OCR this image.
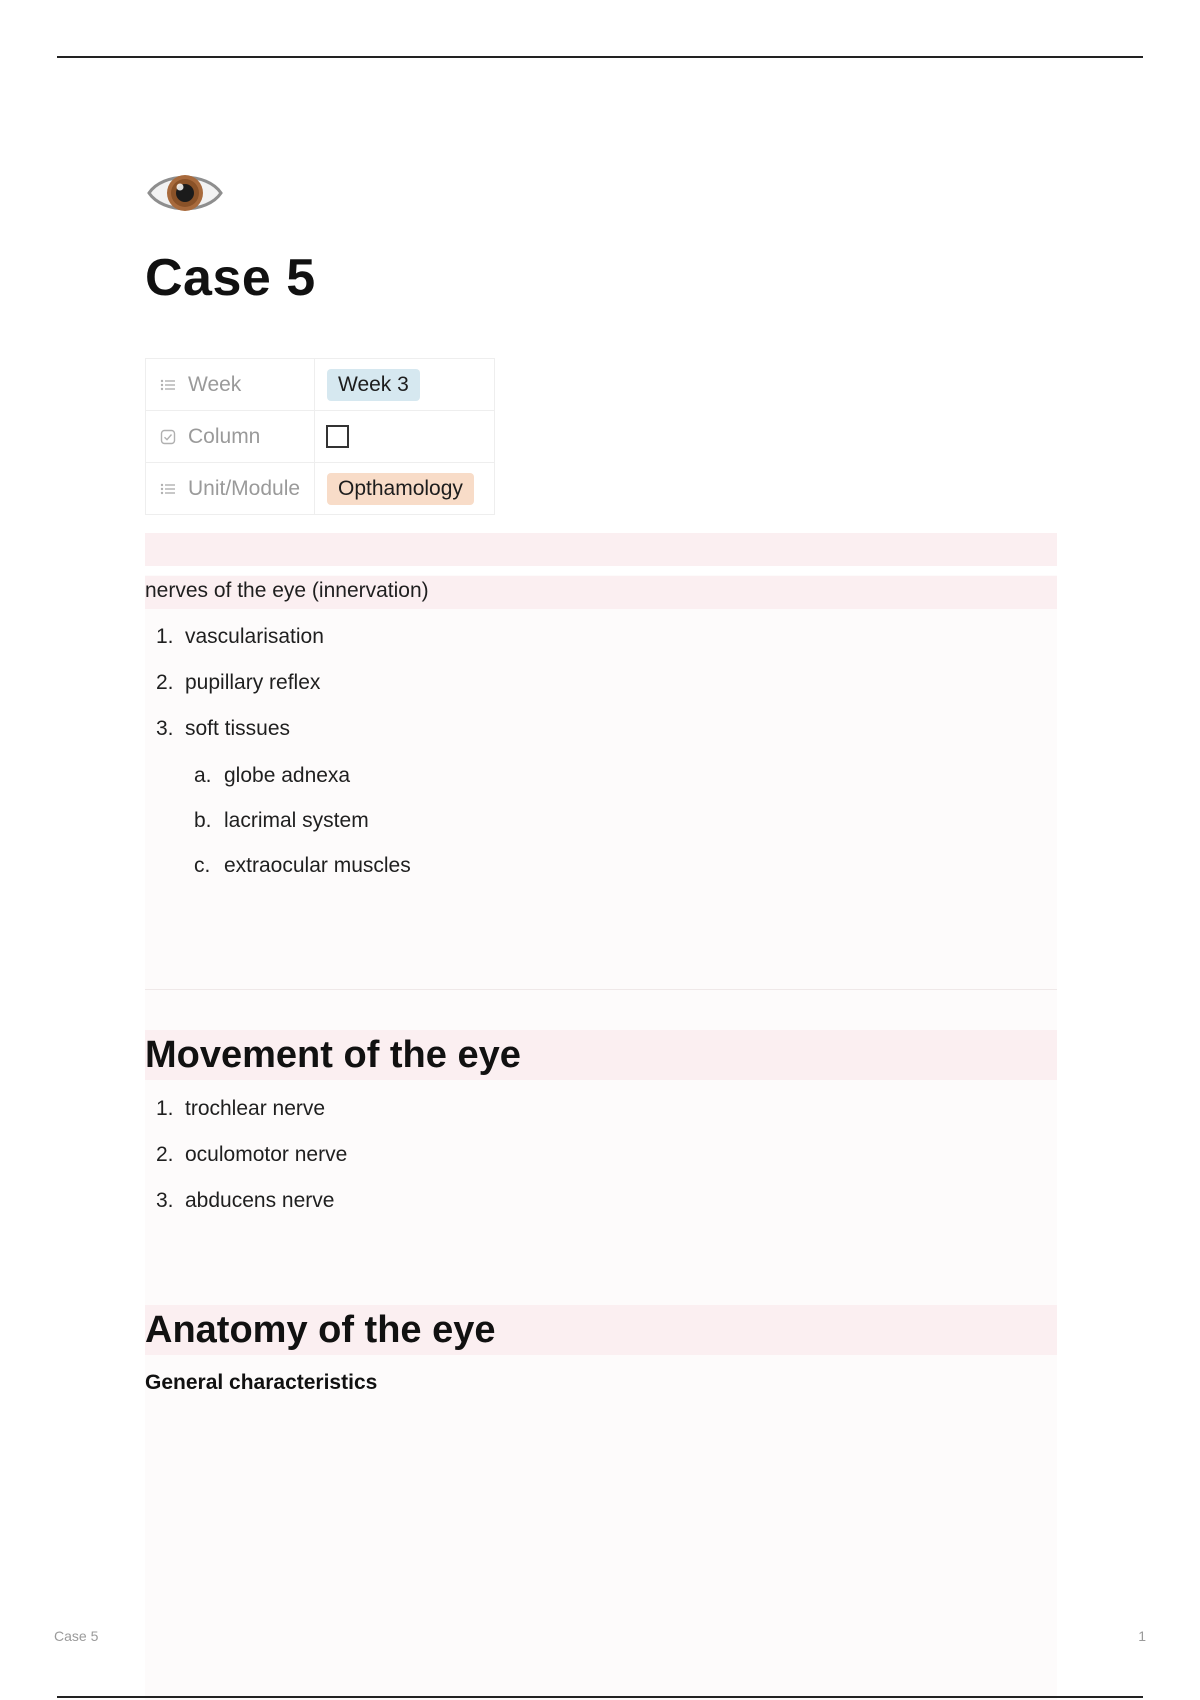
Case 5
Week	Week 3
Column	
Unit/Module	Opthamology
nerves of the eye (innervation)
1. vascularisation
2. pupillary reflex
3. soft tissues
a. globe adnexa
b. lacrimal system
c. extraocular muscles
Movement of the eye
1. trochlear nerve
2. oculomotor nerve
3. abducens nerve
Anatomy of the eye
General characteristics
Case 5	1
